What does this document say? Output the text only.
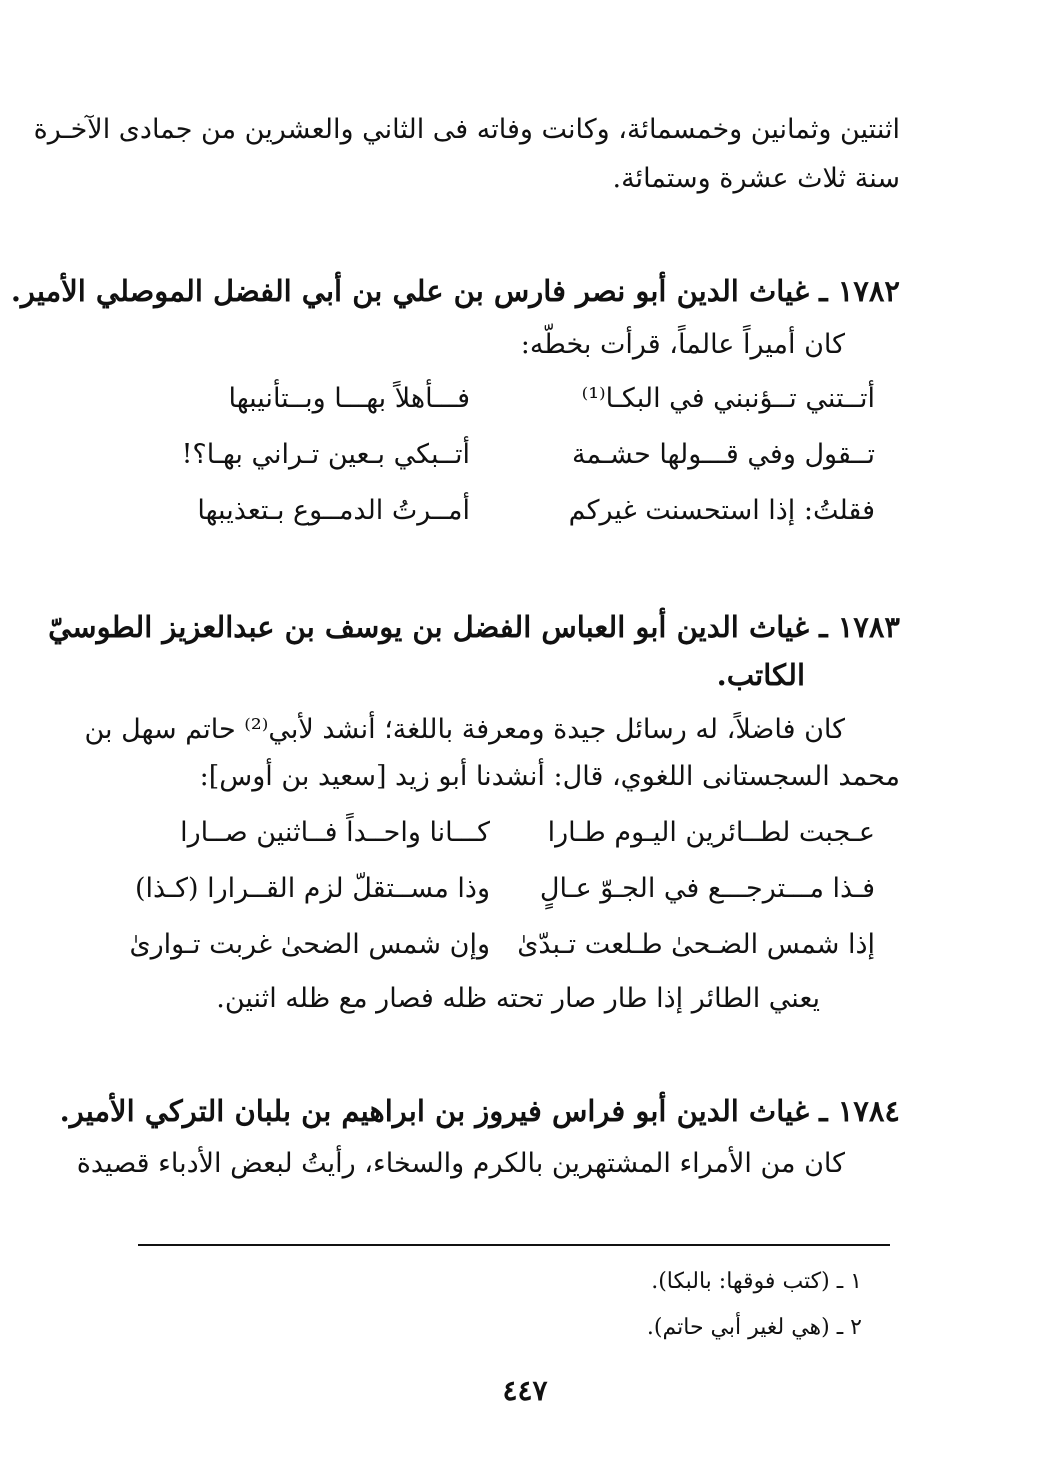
اثنتين وثمانين وخمسمائة، وكانت وفاته فى الثاني والعشرين من جمادى الآخـرة
سنة ثلاث عشرة وستمائة.
١٧٨٢ ـ غياث الدين أبو نصر فارس بن علي بن أبي الفضل الموصلي الأمير.
كان أميراً عالماً، قرأت بخطّه:
أتــتني تــؤنبني في البكـا⁽¹⁾
فـــأهلاً بهـــا وبــتأنيبها
تــقول وفي قـــولها حشـمة
أتــبكي بـعين تـراني بهـا؟!
فقلتُ: إذا استحسنت غيركم
أمــرتُ الدمــوع بـتعذيبها
١٧٨٣ ـ غياث الدين أبو العباس الفضل بن يوسف بن عبدالعزيز الطوسيّ
الكاتب.
كان فاضلاً، له رسائل جيدة ومعرفة باللغة؛ أنشد لأبي⁽²⁾ حاتم سهل بن
محمد السجستانى اللغوي، قال: أنشدنا أبو زيد [سعيد بن أوس]:
عـجبت لطــائرين اليـوم طـارا
كـــانا واحــداً فــاثنين صــارا
فـذا مـــترجـــع في الجـوّ عـالٍ
وذا مســتقلّ لزم القــرارا (كـذا)
إذا شمس الضـحىٰ طـلعت تـبدّىٰ
وإن شمس الضحىٰ غربت تـوارىٰ
يعني الطائر إذا طار صار تحته ظله فصار مع ظله اثنين.
١٧٨٤ ـ غياث الدين أبو فراس فيروز بن ابراهيم بن بلبان التركي الأمير.
كان من الأمراء المشتهرين بالكرم والسخاء، رأيتُ لبعض الأدباء قصيدة
١ ـ (كتب فوقها: بالبكا).
٢ ـ (هي لغير أبي حاتم).
٤٤٧
